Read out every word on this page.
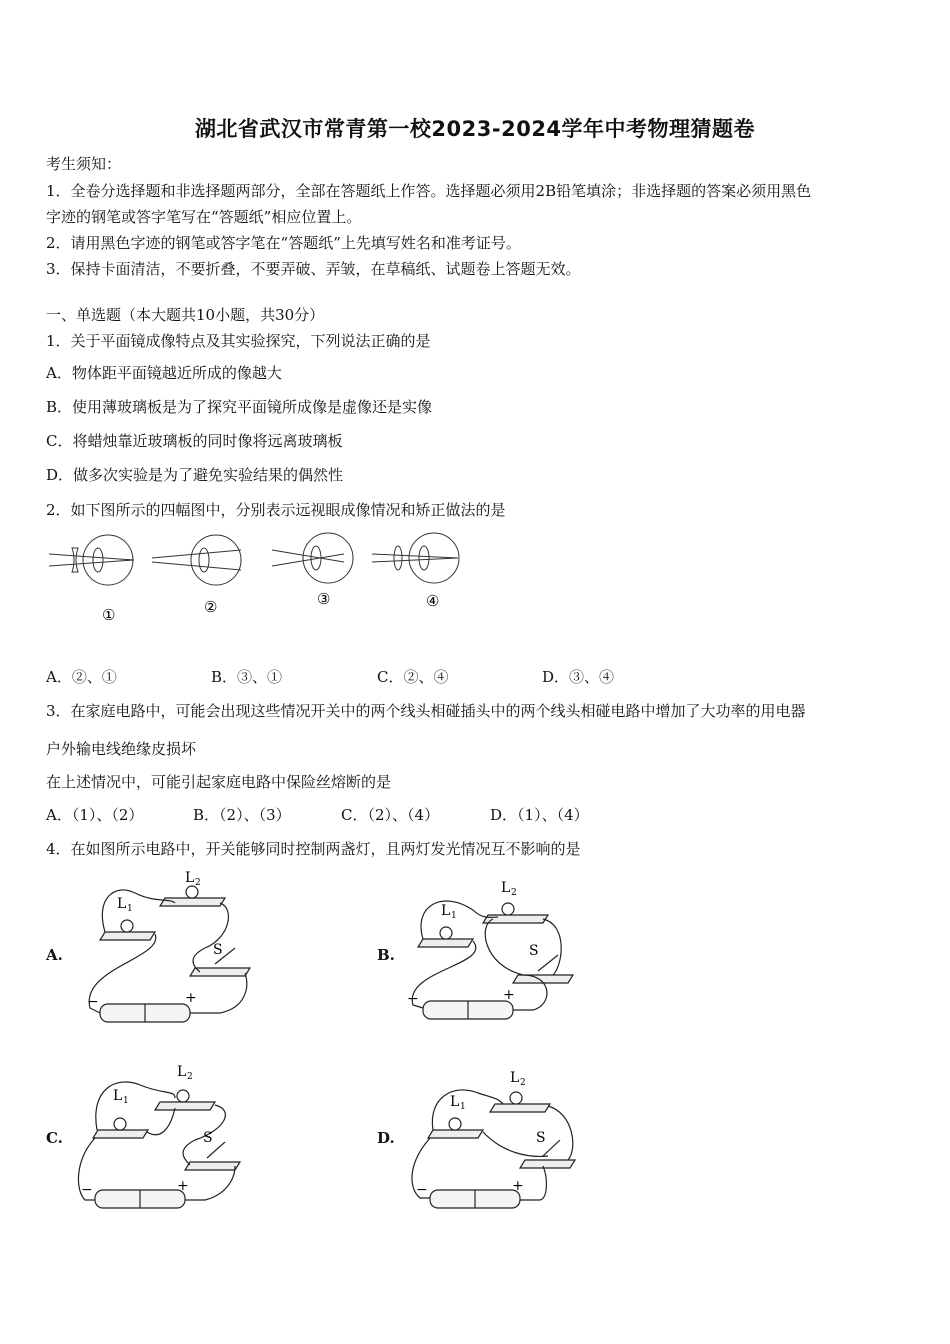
湖北省武汉市常青第一校2023-2024学年中考物理猜题卷
考生须知：
1．全卷分选择题和非选择题两部分，全部在答题纸上作答。选择题必须用2B铅笔填涂；非选择题的答案必须用黑色
字迹的钢笔或答字笔写在“答题纸”相应位置上。
2．请用黑色字迹的钢笔或答字笔在“答题纸”上先填写姓名和准考证号。
3．保持卡面清洁，不要折叠，不要弄破、弄皱，在草稿纸、试题卷上答题无效。
一、单选题（本大题共10小题，共30分）
1．关于平面镜成像特点及其实验探究，下列说法正确的是
A．物体距平面镜越近所成的像越大
B．使用薄玻璃板是为了探究平面镜所成像是虚像还是实像
C．将蜡烛靠近玻璃板的同时像将远离玻璃板
D．做多次实验是为了避免实验结果的偶然性
2．如下图所示的四幅图中，分别表示远视眼成像情况和矫正做法的是
①	②	③	④
A．②、①	B．③、①	C．②、④	D．③、④
3．在家庭电路中，可能会出现这些情况开关中的两个线头相碰插头中的两个线头相碰电路中增加了大功率的用电器
户外输电线绝缘皮损坏
在上述情况中，可能引起家庭电路中保险丝熔断的是
A．（1）、（2）	B．（2）、（3）	C．（2）、（4）	D．（1）、（4）
4．在如图所示电路中，开关能够同时控制两盏灯，且两灯发光情况互不影响的是
A.	B.
C.	D.
L 1
L 2
S
−	+
L 1
L 2
S
−	+
L 1
L 2
S
−	+
L 1
L 2
S
−	+
